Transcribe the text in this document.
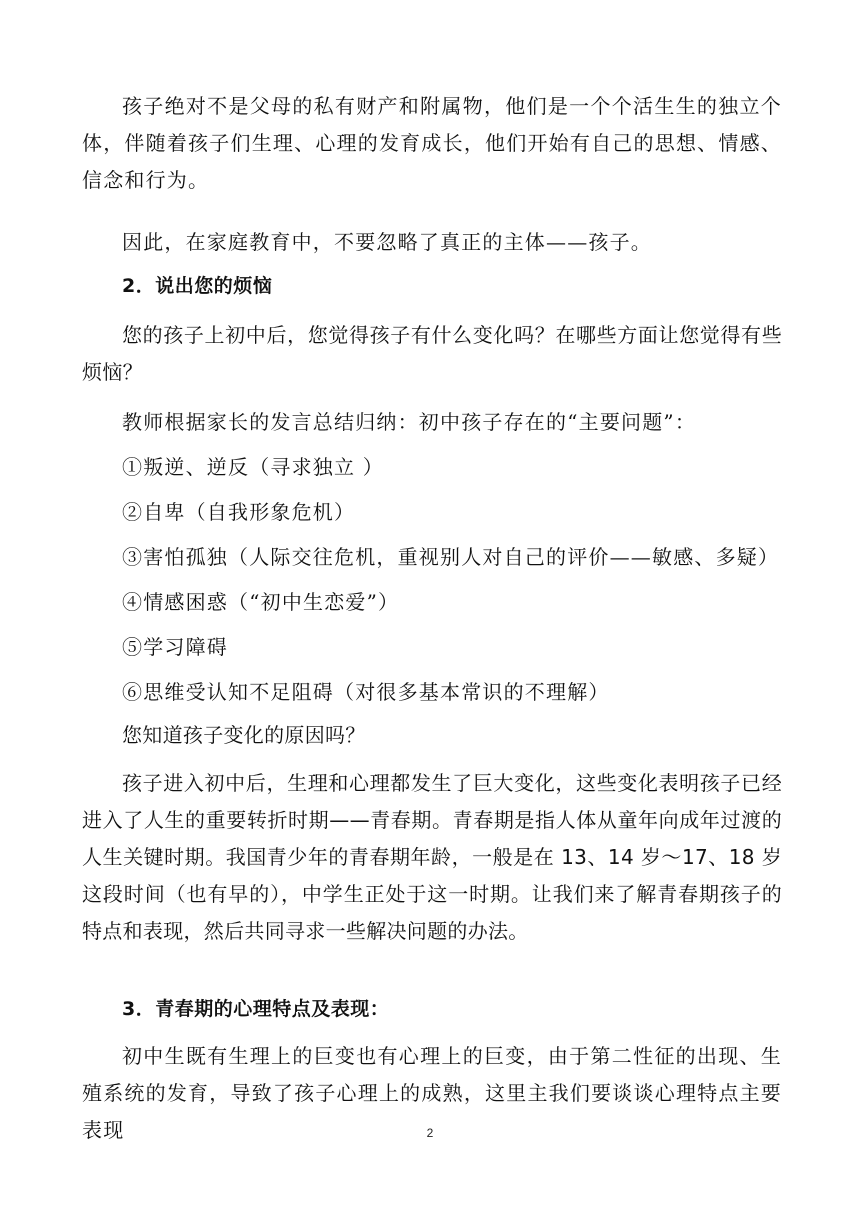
孩子绝对不是父母的私有财产和附属物，他们是一个个活生生的独立个体，伴随着孩子们生理、心理的发育成长，他们开始有自己的思想、情感、信念和行为。

因此，在家庭教育中，不要忽略了真正的主体——孩子。

2．说出您的烦恼

您的孩子上初中后，您觉得孩子有什么变化吗？在哪些方面让您觉得有些烦恼？

教师根据家长的发言总结归纳：初中孩子存在的“主要问题”：

①叛逆、逆反（寻求独立 ）

②自卑（自我形象危机）

③害怕孤独（人际交往危机，重视别人对自己的评价——敏感、多疑）

④情感困惑（“初中生恋爱”）

⑤学习障碍

⑥思维受认知不足阻碍（对很多基本常识的不理解）

您知道孩子变化的原因吗？

孩子进入初中后，生理和心理都发生了巨大变化，这些变化表明孩子已经进入了人生的重要转折时期——青春期。青春期是指人体从童年向成年过渡的人生关键时期。我国青少年的青春期年龄，一般是在 13、14 岁～17、18 岁这段时间（也有早的），中学生正处于这一时期。让我们来了解青春期孩子的特点和表现，然后共同寻求一些解决问题的办法。

3．青春期的心理特点及表现：

初中生既有生理上的巨变也有心理上的巨变，由于第二性征的出现、生殖系统的发育，导致了孩子心理上的成熟，这里主我们要谈谈心理特点主要表现	2
